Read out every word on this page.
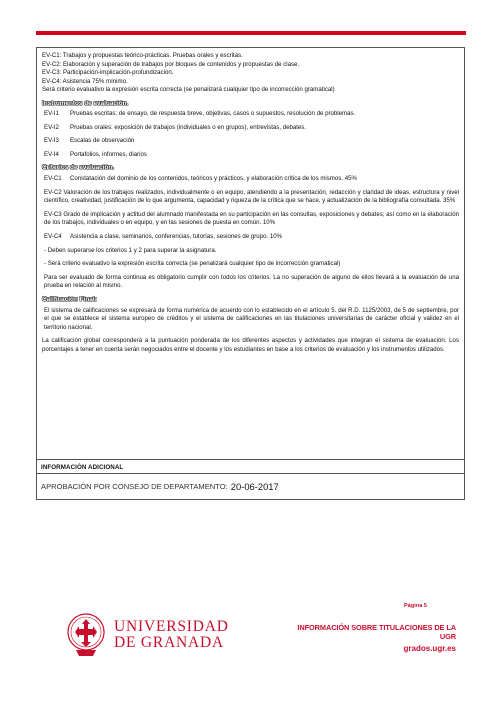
EV-C1: Trabajos y propuestas teórico-prácticas. Pruebas orales y escritas.

EV-C2: Elaboración y superación de trabajos por bloques de contenidos y propuestas de clase.

EV-C3: Participación-implicación-profundización.

EV-C4: Asistencia 75% mínimo.

Será criterio evaluativo la expresión escrita correcta (se penalizará cualquier tipo de incorrección gramatical)

Instrumentos de evaluación.
EV-I1	Pruebas escritas: de ensayo, de respuesta breve, objetivas, casos o supuestos, resolución de problemas.
EV-I2	Pruebas orales: exposición de trabajos (individuales o en grupos), entrevistas, debates.
EV-I3	Escalas de observación
EV-I4	Portafolios, informes, diarios
Criterios de evaluación.
EV-C1	Constatación del dominio de los contenidos, teóricos y prácticos, y elaboración crítica de los mismos. 45%

EV-C2 Valoración de los trabajos realizados, individualmente o en equipo, atendiendo a la presentación, redacción y claridad de ideas, estructura y nivel científico, creatividad, justificación de lo que argumenta, capacidad y riqueza de la crítica que se hace, y actualización de la bibliografía consultada. 35%

EV-C3 Grado de implicación y actitud del alumnado manifestada en su participación en las consultas, exposiciones y debates; así como en la elaboración de los trabajos, individuales o en equipo, y en las sesiones de puesta en común. 10%

EV-C4	Asistencia a clase, seminarios, conferencias, tutorías, sesiones de grupo. 10%

- Deben superarse los criterios 1 y 2 para superar la asignatura.

- Será criterio evaluativo la expresión escrita correcta (se penalizará cualquier tipo de incorrección gramatical)

Para ser evaluado de forma continua es obligatorio cumplir con todos los criterios. La no superación de alguno de ellos llevará a la evaluación de una prueba en relación al mismo.

Calificación Final:

El sistema de calificaciones se expresará de forma numérica de acuerdo con lo establecido en el artículo 5. del R.D. 1125/2003, de 5 de septiembre, por el que se establece el sistema europeo de créditos y el sistema de calificaciones en las titulaciones universitarias de carácter oficial y validez en el territorio nacional.

La calificación global corresponderá a la puntuación ponderada de los diferentes aspectos y actividades que integran el sistema de evaluación. Los porcentajes a tener en cuenta serán negociados entre el docente y los estudiantes en base a los criterios de evaluación y los instrumentos utilizados.

INFORMACIÓN ADICIONAL
APROBACIÓN POR CONSEJO DE DEPARTAMENTO: 20-06-2017
Página 5
UNIVERSIDAD
DE GRANADA
INFORMACIÓN SOBRE TITULACIONES DE LA UGR
grados.ugr.es
